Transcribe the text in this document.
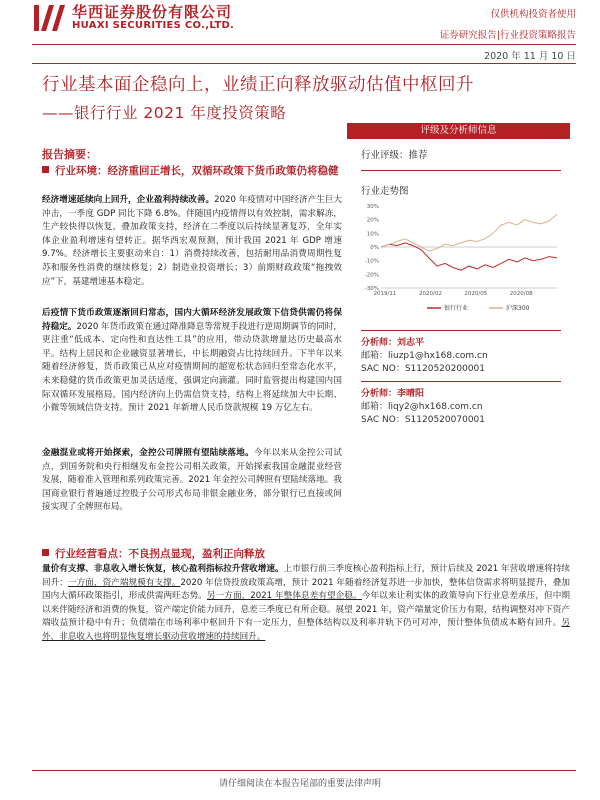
华西证券股份有限公司
HUAXI SECURITIES CO.,LTD.
仅供机构投资者使用
证券研究报告|行业投资策略报告
2020 年 11 月 10 日
行业基本面企稳向上，业绩正向释放驱动估值中枢回升
——银行行业 2021 年度投资策略
评级及分析师信息
行业评级：推荐
行业走势图
30%
20%
10%
0%
-10%
-20%
-30%
2019/11	2020/02	2020/05	2020/08
银行行业	沪深300
分析师：刘志平
邮箱：liuzp1@hx168.com.cn
SAC NO：S1120520200001
分析师：李晴阳
邮箱：liqy2@hx168.com.cn
SAC NO：S1120520070001
报告摘要：
行业环境：经济重回正增长，双循环政策下货币政策仍将稳健
经济增速延续向上回升，企业盈利持续改善。2020 年疫情对中国经济产生巨大冲击，一季度 GDP 同比下降 6.8%。伴随国内疫情得以有效控制，需求解冻，生产较快得以恢复，叠加政策支持，经济在二季度以后持续显著复苏，全年实体企业盈利增速有望转正。据华西宏观预测，预计我国 2021 年 GDP 增速 9.7%。经济增长主要驱动来自：1）消费持续改善，包括耐用品消费周期性复苏和服务性消费的继续修复；2）制造业投资增长；3）前期财政政策“拖拽效应”下，基建增速基本稳定。
后疫情下货币政策逐渐回归常态，国内大循环经济发展政策下信贷供需仍将保持稳定。2020 年货币政策在通过降准降息等常规手段进行逆周期调节的同时，更注重“低成本、定向性和直达性工具”的应用，带动贷款增量达历史最高水平。结构上居民和企业融资显著增长，中长期融资占比持续回升。下半年以来随着经济修复，货币政策已从应对疫情期间的超宽松状态回归至常态化水平，未来稳健的货币政策更加灵活适度，强调定向滴灌。同时监管提出构建国内国际双循环发展格局，国内经济向上仍需信贷支持，结构上将延续加大中长期、小微等领域信贷支持。预计 2021 年新增人民币贷款规模 19 万亿左右。
金融混业或将开始探索，金控公司牌照有望陆续落地。今年以来从金控公司试点，到国务院和央行相继发布金控公司相关政策，开始探索我国金融混业经营发展，随着准入管理和系列政策完善。2021 年金控公司牌照有望陆续落地。我国商业银行普遍通过控股子公司形式布局非银金融业务，部分银行已直接或间接实现了全牌照布局。
行业经营看点：不良拐点显现，盈利正向释放
量价有支撑、非息收入增长恢复，核心盈利指标拉升营收增速。上市银行前三季度核心盈利指标上行，预计后续及 2021 年营收增速将持续回升：一方面，资产端规模有支撑。2020 年信贷投放政策高增，预计 2021 年随着经济复苏进一步加快，整体信贷需求将明显提升，叠加国内大循环政策指引，形成供需两旺态势。另一方面，2021 年整体息差有望企稳。今年以来让利实体的政策导向下行业息差承压，但中期以来伴随经济和消费的恢复，资产端定价能力回升，息差三季度已有所企稳。展望 2021 年，资产端量定价压力有限，结构调整对冲下资产端收益预计稳中有升；负债端在市场利率中枢回升下有一定压力，但整体结构以及利率并轨下仍可对冲，预计整体负债成本略有回升。另外，非息收入也将明显恢复增长驱动营收增速的持续回升。
请仔细阅读在本报告尾部的重要法律声明
